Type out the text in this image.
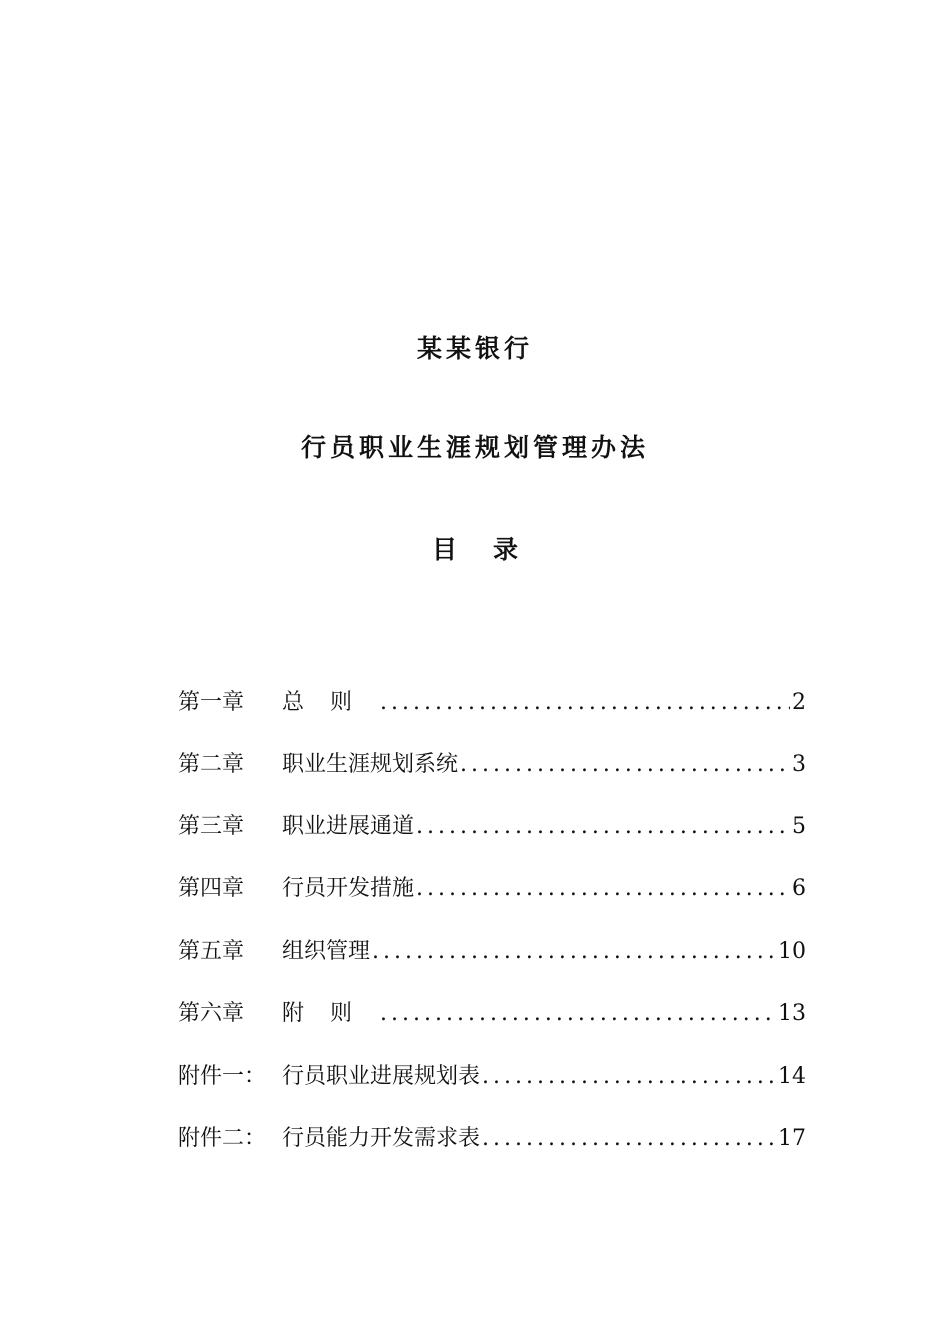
某某银行
行员职业生涯规划管理办法
目 录
第一章	总则 .....	2
第二章	职业生涯规划系统 .....	3
第三章	职业进展通道 .....	5
第四章	行员开发措施 .....	6
第五章	组织管理 .....	10
第六章	附则 .....	13
附件一： 行员职业进展规划表 .....	14
附件二： 行员能力开发需求表 .....	17
